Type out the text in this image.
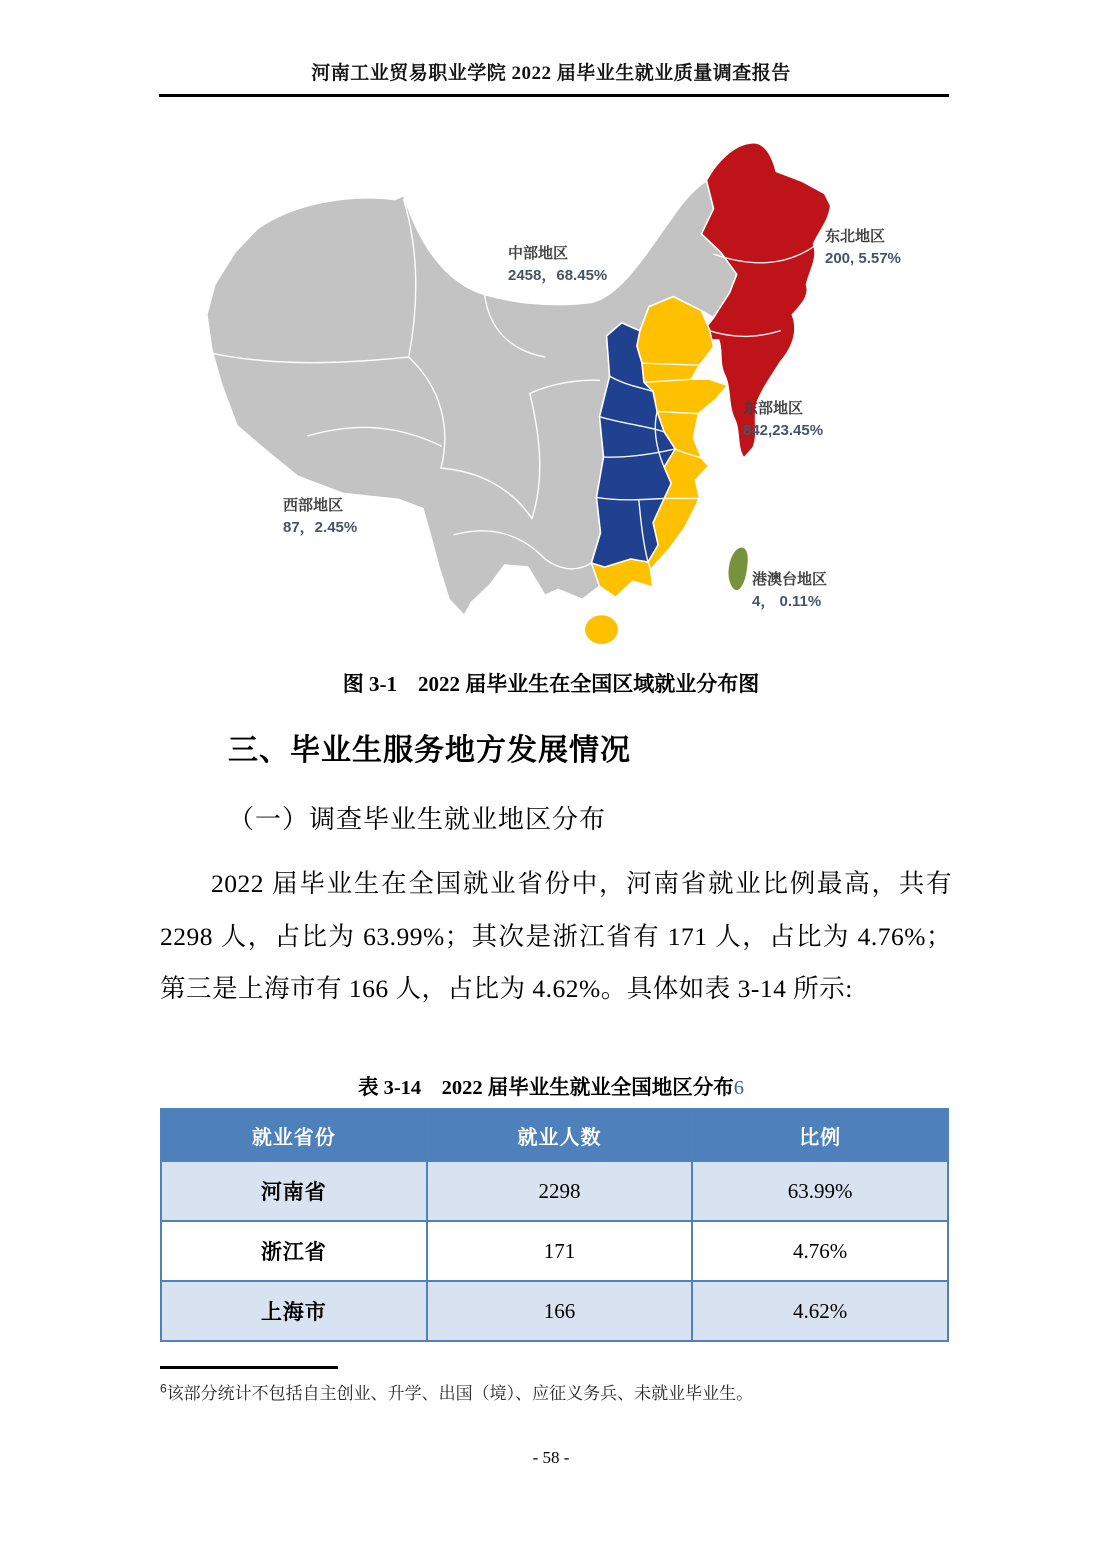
河南工业贸易职业学院 2022 届毕业生就业质量调查报告
中部地区
2458，68.45%
东北地区
200, 5.57%
东部地区
842,23.45%
西部地区
87，2.45%
港澳台地区
4， 0.11%
图 3-1　2022 届毕业生在全国区域就业分布图
三、毕业生服务地方发展情况
（一）调查毕业生就业地区分布
2022 届毕业生在全国就业省份中，河南省就业比例最高，共有 2298 人，占比为 63.99%；其次是浙江省有 171 人，占比为 4.76%；第三是上海市有 166 人，占比为 4.62%。具体如表 3-14 所示:
表 3-14　2022 届毕业生就业全国地区分布6
就业省份	就业人数	比例
河南省	2298	63.99%
浙江省	171	4.76%
上海市	166	4.62%
$^6$该部分统计不包括自主创业、升学、出国（境）、应征义务兵、未就业毕业生。
- 58 -
